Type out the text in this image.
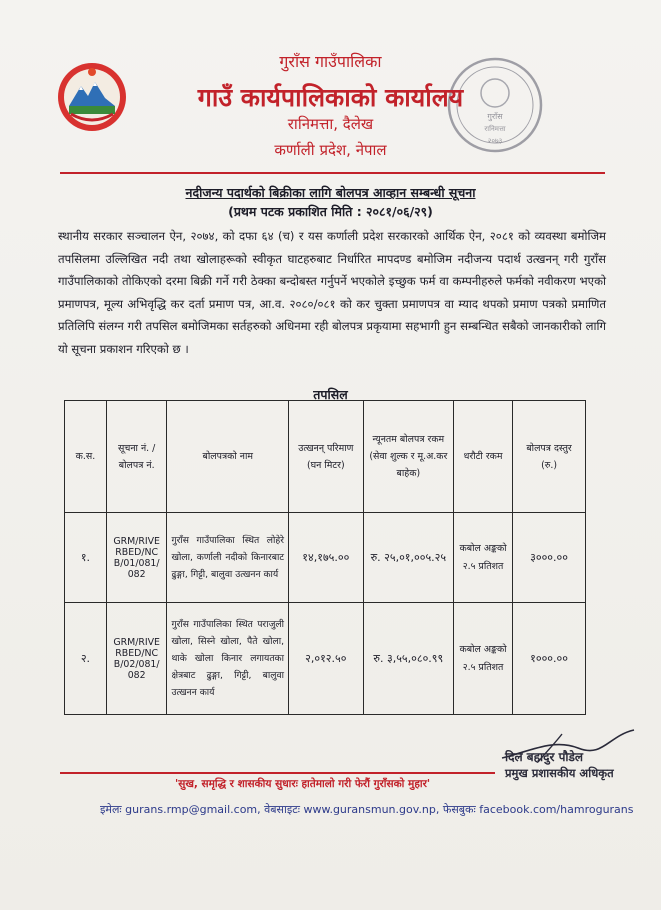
गुराँस
रानिमत्ता
२०७३
गुराँस गाउँपालिका
गाउँ कार्यपालिकाको कार्यालय
रानिमत्ता, दैलेख
कर्णाली प्रदेश, नेपाल
नदीजन्य पदार्थको बिक्रीका लागि बोलपत्र आव्हान सम्बन्धी सूचना
(प्रथम पटक प्रकाशित मिति : २०८१/०६/२९)
स्थानीय सरकार सञ्चालन ऐन, २०७४, को दफा ६४ (च) र यस कर्णाली प्रदेश सरकारको आर्थिक ऐन, २०८१ को व्यवस्था बमोजिम तपसिलमा उल्लिखित नदी तथा खोलाहरूको स्वीकृत घाटहरुबाट निर्धारित मापदण्ड बमोजिम नदीजन्य पदार्थ उत्खनन् गरी गुराँस गाउँपालिकाको तोकिएको दरमा बिक्री गर्ने गरी ठेक्का बन्दोबस्त गर्नुपर्ने भएकोले इच्छुक फर्म वा कम्पनीहरुले फर्मको नवीकरण भएको प्रमाणपत्र, मूल्य अभिवृद्धि कर दर्ता प्रमाण पत्र, आ.व. २०८०/०८१ को कर चुक्ता प्रमाणपत्र वा म्याद थपको प्रमाण पत्रको प्रमाणित प्रतिलिपि संलग्न गरी तपसिल बमोजिमका सर्तहरुको अधिनमा रही बोलपत्र प्रकृयामा सहभागी हुन सम्बन्धित सबैको जानकारीको लागि यो सूचना प्रकाशन गरिएको छ ।
तपसिल
क.स.	सूचना नं. /बोलपत्र नं.	बोलपत्रको नाम	उत्खनन् परिमाण (घन मिटर)	न्यूनतम बोलपत्र रकम (सेवा शुल्क र मू.अ.कर बाहेक)	धरौटी रकम	बोलपत्र दस्तुर (रु.)
१.	GRM/RIVERBED/NCB/01/081/082	गुराँस गाउँपालिका स्थित लोहेरे खोला, कर्णाली नदीको किनारबाट ढुङ्गा, गिट्टी, बालुवा उत्खनन कार्य	१४,१७५.००	रु. २५,०१,००५.२५	कबोल अङ्कको २.५ प्रतिशत	३०००.००
२.	GRM/RIVERBED/NCB/02/081/082	गुराँस गाउँपालिका स्थित पराजुली खोला, सिस्ने खोला, पैते खोला, थाके खोला किनार लगायतका क्षेत्रबाट ढुङ्गा, गिट्टी, बालुवा उत्खनन कार्य	२,०१२.५०	रु. ३,५५,०८०.९९	कबोल अङ्कको २.५ प्रतिशत	१०००.००
दिल बहादुर पौडेल
प्रमुख प्रशासकीय अधिकृत
'सुख, समृद्धि र शासकीय सुधारः हातेमालो गरी फेरौं गुराँसको मुहार'
इमेलः gurans.rmp@gmail.com, वेबसाइटः www.guransmun.gov.np, फेसबुकः facebook.com/hamrogurans
